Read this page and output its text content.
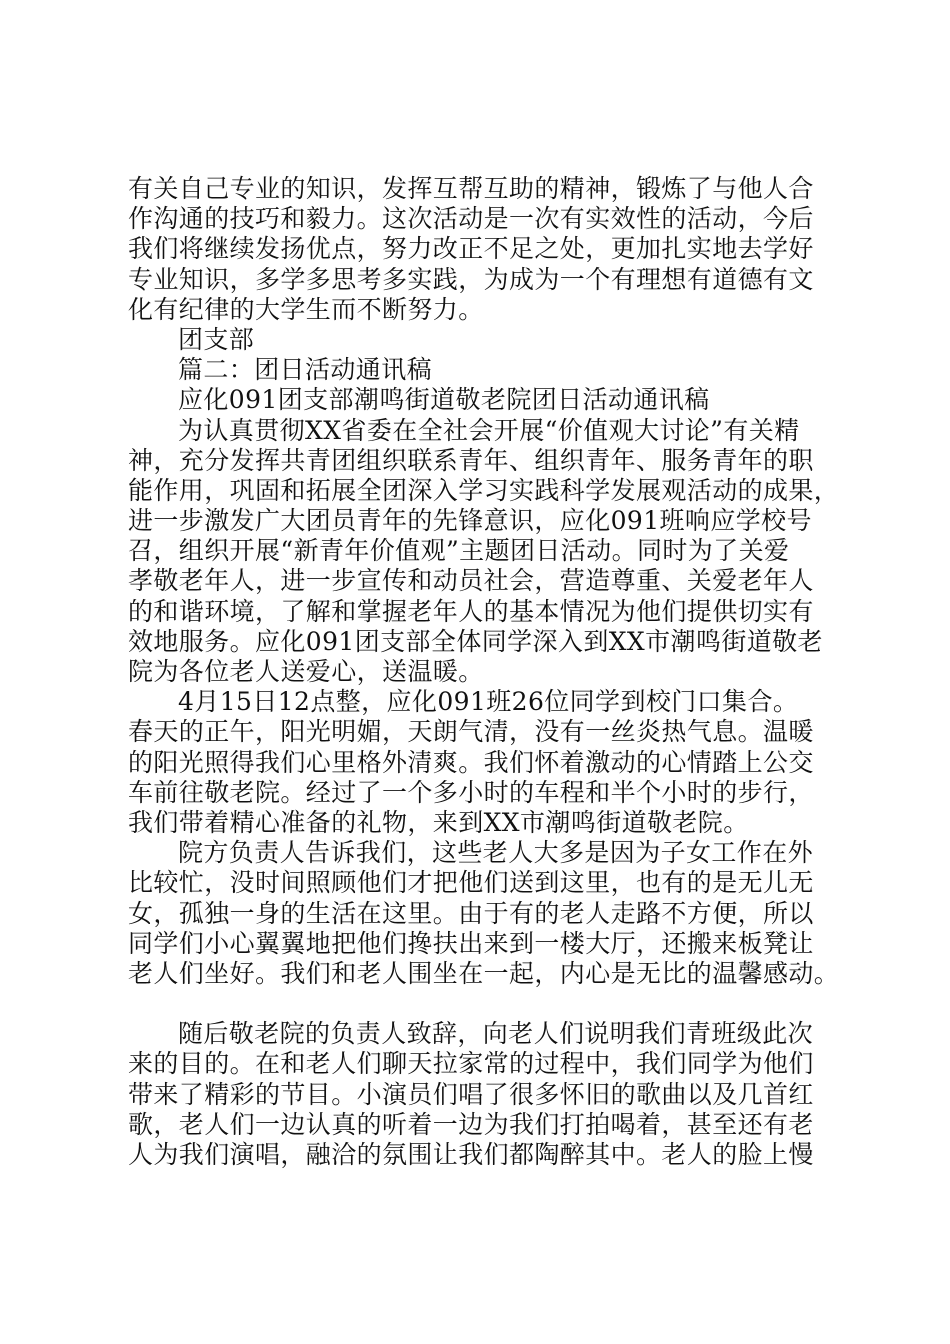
有关自己专业的知识，发挥互帮互助的精神，锻炼了与他人合
作沟通的技巧和毅力。这次活动是一次有实效性的活动，今后
我们将继续发扬优点，努力改正不足之处，更加扎实地去学好
专业知识，多学多思考多实践，为成为一个有理想有道德有文
化有纪律的大学生而不断努力。
团支部
篇二：团日活动通讯稿
应化091团支部潮鸣街道敬老院团日活动通讯稿
为认真贯彻XX省委在全社会开展“价值观大讨论”有关精
神，充分发挥共青团组织联系青年、组织青年、服务青年的职
能作用，巩固和拓展全团深入学习实践科学发展观活动的成果，
进一步激发广大团员青年的先锋意识，应化091班响应学校号
召，组织开展“新青年价值观”主题团日活动。同时为了关爱
孝敬老年人，进一步宣传和动员社会，营造尊重、关爱老年人
的和谐环境，了解和掌握老年人的基本情况为他们提供切实有
效地服务。应化091团支部全体同学深入到XX市潮鸣街道敬老
院为各位老人送爱心，送温暖。
4月15日12点整，应化091班26位同学到校门口集合。
春天的正午，阳光明媚，天朗气清，没有一丝炎热气息。温暖
的阳光照得我们心里格外清爽。我们怀着激动的心情踏上公交
车前往敬老院。经过了一个多小时的车程和半个小时的步行，
我们带着精心准备的礼物，来到XX市潮鸣街道敬老院。
院方负责人告诉我们，这些老人大多是因为子女工作在外
比较忙，没时间照顾他们才把他们送到这里，也有的是无儿无
女，孤独一身的生活在这里。由于有的老人走路不方便，所以
同学们小心翼翼地把他们搀扶出来到一楼大厅，还搬来板凳让
老人们坐好。我们和老人围坐在一起，内心是无比的温馨感动。
随后敬老院的负责人致辞，向老人们说明我们青班级此次
来的目的。在和老人们聊天拉家常的过程中，我们同学为他们
带来了精彩的节目。小演员们唱了很多怀旧的歌曲以及几首红
歌，老人们一边认真的听着一边为我们打拍喝着，甚至还有老
人为我们演唱，融洽的氛围让我们都陶醉其中。老人的脸上慢
